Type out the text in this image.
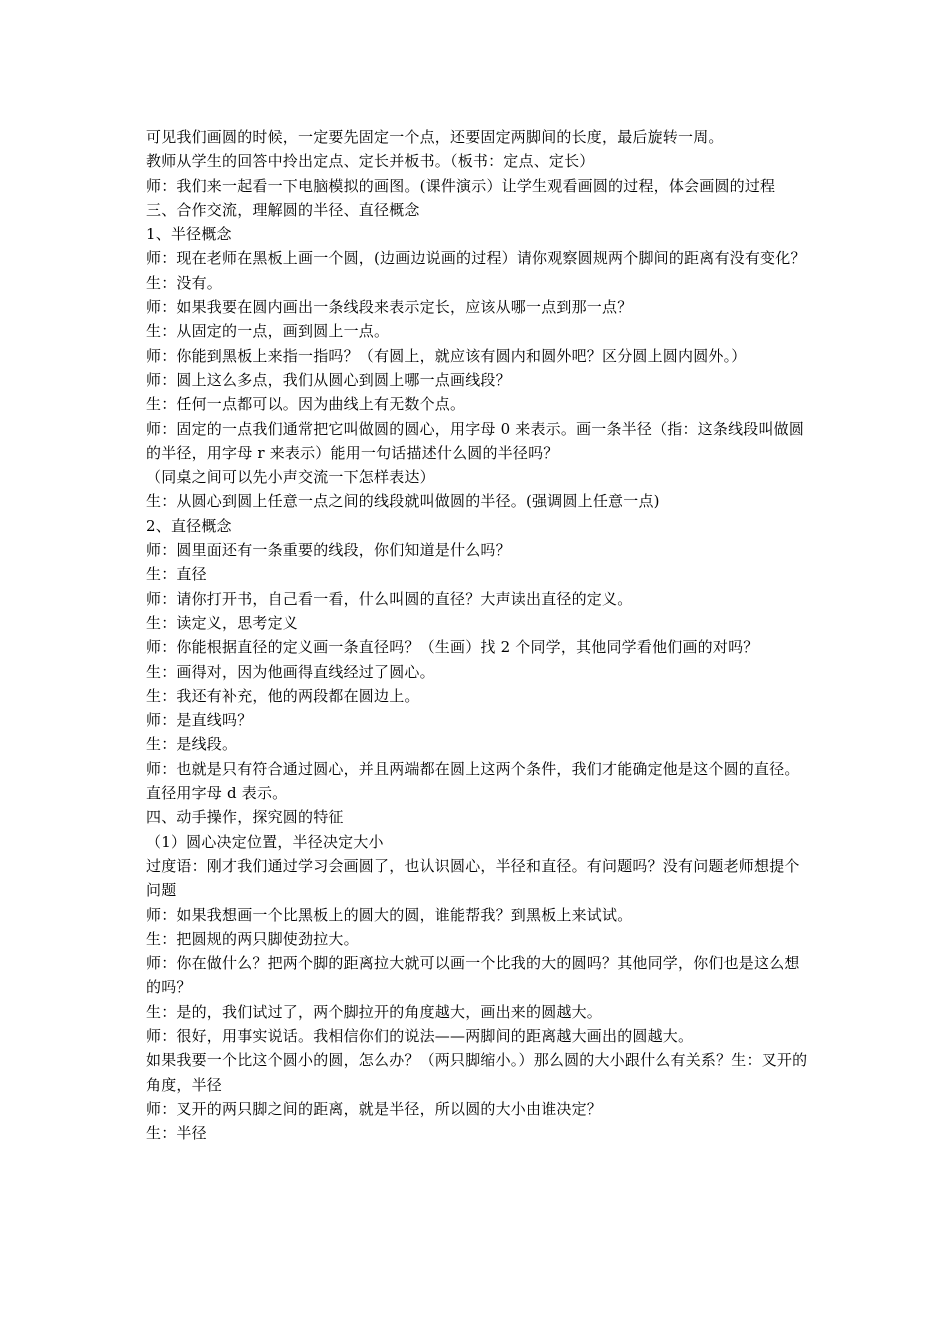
可见我们画圆的时候，一定要先固定一个点，还要固定两脚间的长度，最后旋转一周。

教师从学生的回答中拎出定点、定长并板书。（板书：定点、定长）

师：我们来一起看一下电脑模拟的画图。(课件演示）让学生观看画圆的过程，体会画圆的过程

三、合作交流，理解圆的半径、直径概念

1、半径概念

师：现在老师在黑板上画一个圆，(边画边说画的过程）请你观察圆规两个脚间的距离有没有变化？

生：没有。

师：如果我要在圆内画出一条线段来表示定长，应该从哪一点到那一点？

生：从固定的一点，画到圆上一点。

师：你能到黑板上来指一指吗？（有圆上，就应该有圆内和圆外吧？区分圆上圆内圆外。）

师：圆上这么多点，我们从圆心到圆上哪一点画线段？

生：任何一点都可以。因为曲线上有无数个点。

师：固定的一点我们通常把它叫做圆的圆心，用字母 0 来表示。画一条半径（指：这条线段叫做圆的半径，用字母 r 来表示）能用一句话描述什么圆的半径吗？

（同桌之间可以先小声交流一下怎样表达）

生：从圆心到圆上任意一点之间的线段就叫做圆的半径。(强调圆上任意一点)

2、直径概念

师：圆里面还有一条重要的线段，你们知道是什么吗？

生：直径

师：请你打开书，自己看一看，什么叫圆的直径？大声读出直径的定义。

生：读定义，思考定义

师：你能根据直径的定义画一条直径吗？（生画）找 2 个同学，其他同学看他们画的对吗？

生：画得对，因为他画得直线经过了圆心。

生：我还有补充，他的两段都在圆边上。

师：是直线吗？

生：是线段。

师：也就是只有符合通过圆心，并且两端都在圆上这两个条件，我们才能确定他是这个圆的直径。直径用字母 d 表示。

四、动手操作，探究圆的特征

（1）圆心决定位置，半径决定大小

过度语：刚才我们通过学习会画圆了，也认识圆心，半径和直径。有问题吗？没有问题老师想提个问题

师：如果我想画一个比黑板上的圆大的圆，谁能帮我？到黑板上来试试。

生：把圆规的两只脚使劲拉大。

师：你在做什么？把两个脚的距离拉大就可以画一个比我的大的圆吗？其他同学，你们也是这么想的吗？

生：是的，我们试过了，两个脚拉开的角度越大，画出来的圆越大。

师：很好，用事实说话。我相信你们的说法——两脚间的距离越大画出的圆越大。

如果我要一个比这个圆小的圆，怎么办？（两只脚缩小。）那么圆的大小跟什么有关系？生：叉开的角度，半径

师：叉开的两只脚之间的距离，就是半径，所以圆的大小由谁决定？

生：半径
